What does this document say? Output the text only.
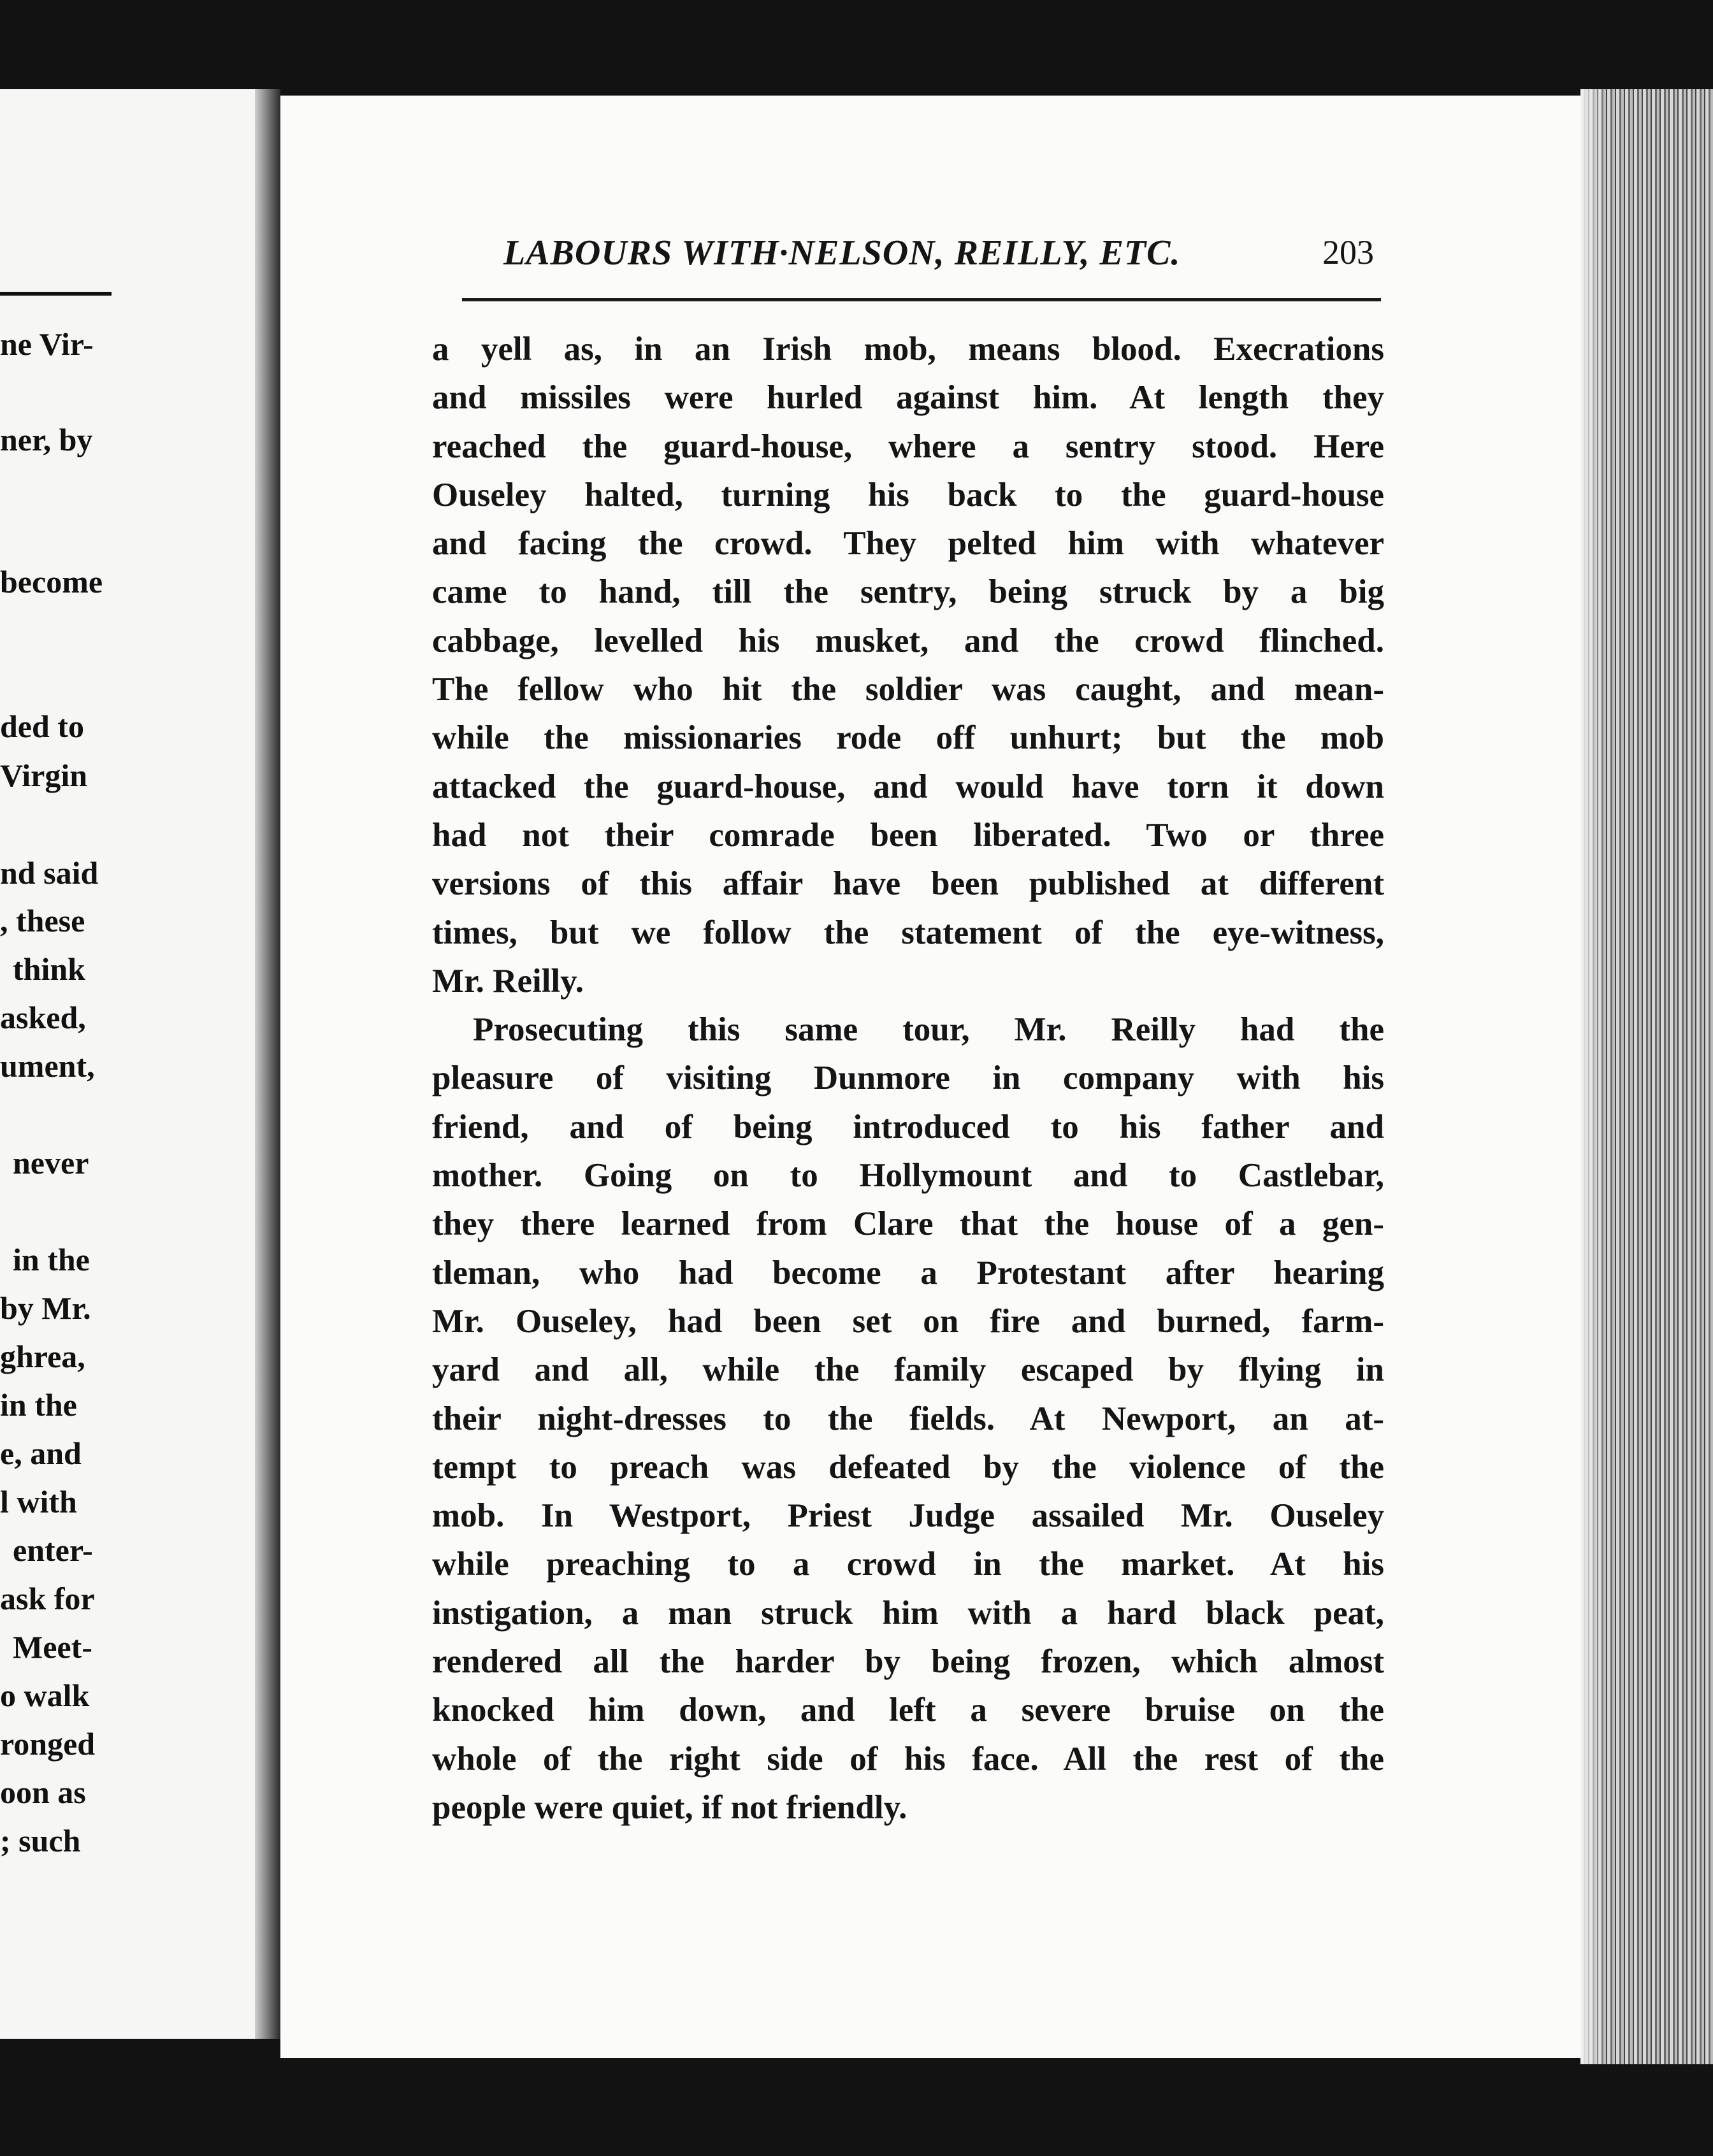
ne Vir-
ner, by
become
ded to
Virgin
nd said
, these
think
asked,
ument,
never
in the
by Mr.
ghrea,
in the
e, and
l with
enter-
ask for
Meet-
o walk
ronged
oon as
; such
LABOURS WITH·NELSON, REILLY, ETC.	203
a yell as, in an Irish mob, means blood. Execrations
and missiles were hurled against him. At length they
reached the guard-house, where a sentry stood. Here
Ouseley halted, turning his back to the guard-house
and facing the crowd. They pelted him with whatever
came to hand, till the sentry, being struck by a big
cabbage, levelled his musket, and the crowd flinched.
The fellow who hit the soldier was caught, and mean-
while the missionaries rode off unhurt; but the mob
attacked the guard-house, and would have torn it down
had not their comrade been liberated. Two or three
versions of this affair have been published at different
times, but we follow the statement of the eye-witness,
Mr. Reilly.
Prosecuting this same tour, Mr. Reilly had the
pleasure of visiting Dunmore in company with his
friend, and of being introduced to his father and
mother. Going on to Hollymount and to Castlebar,
they there learned from Clare that the house of a gen-
tleman, who had become a Protestant after hearing
Mr. Ouseley, had been set on fire and burned, farm-
yard and all, while the family escaped by flying in
their night-dresses to the fields. At Newport, an at-
tempt to preach was defeated by the violence of the
mob. In Westport, Priest Judge assailed Mr. Ouseley
while preaching to a crowd in the market. At his
instigation, a man struck him with a hard black peat,
rendered all the harder by being frozen, which almost
knocked him down, and left a severe bruise on the
whole of the right side of his face. All the rest of the
people were quiet, if not friendly.
